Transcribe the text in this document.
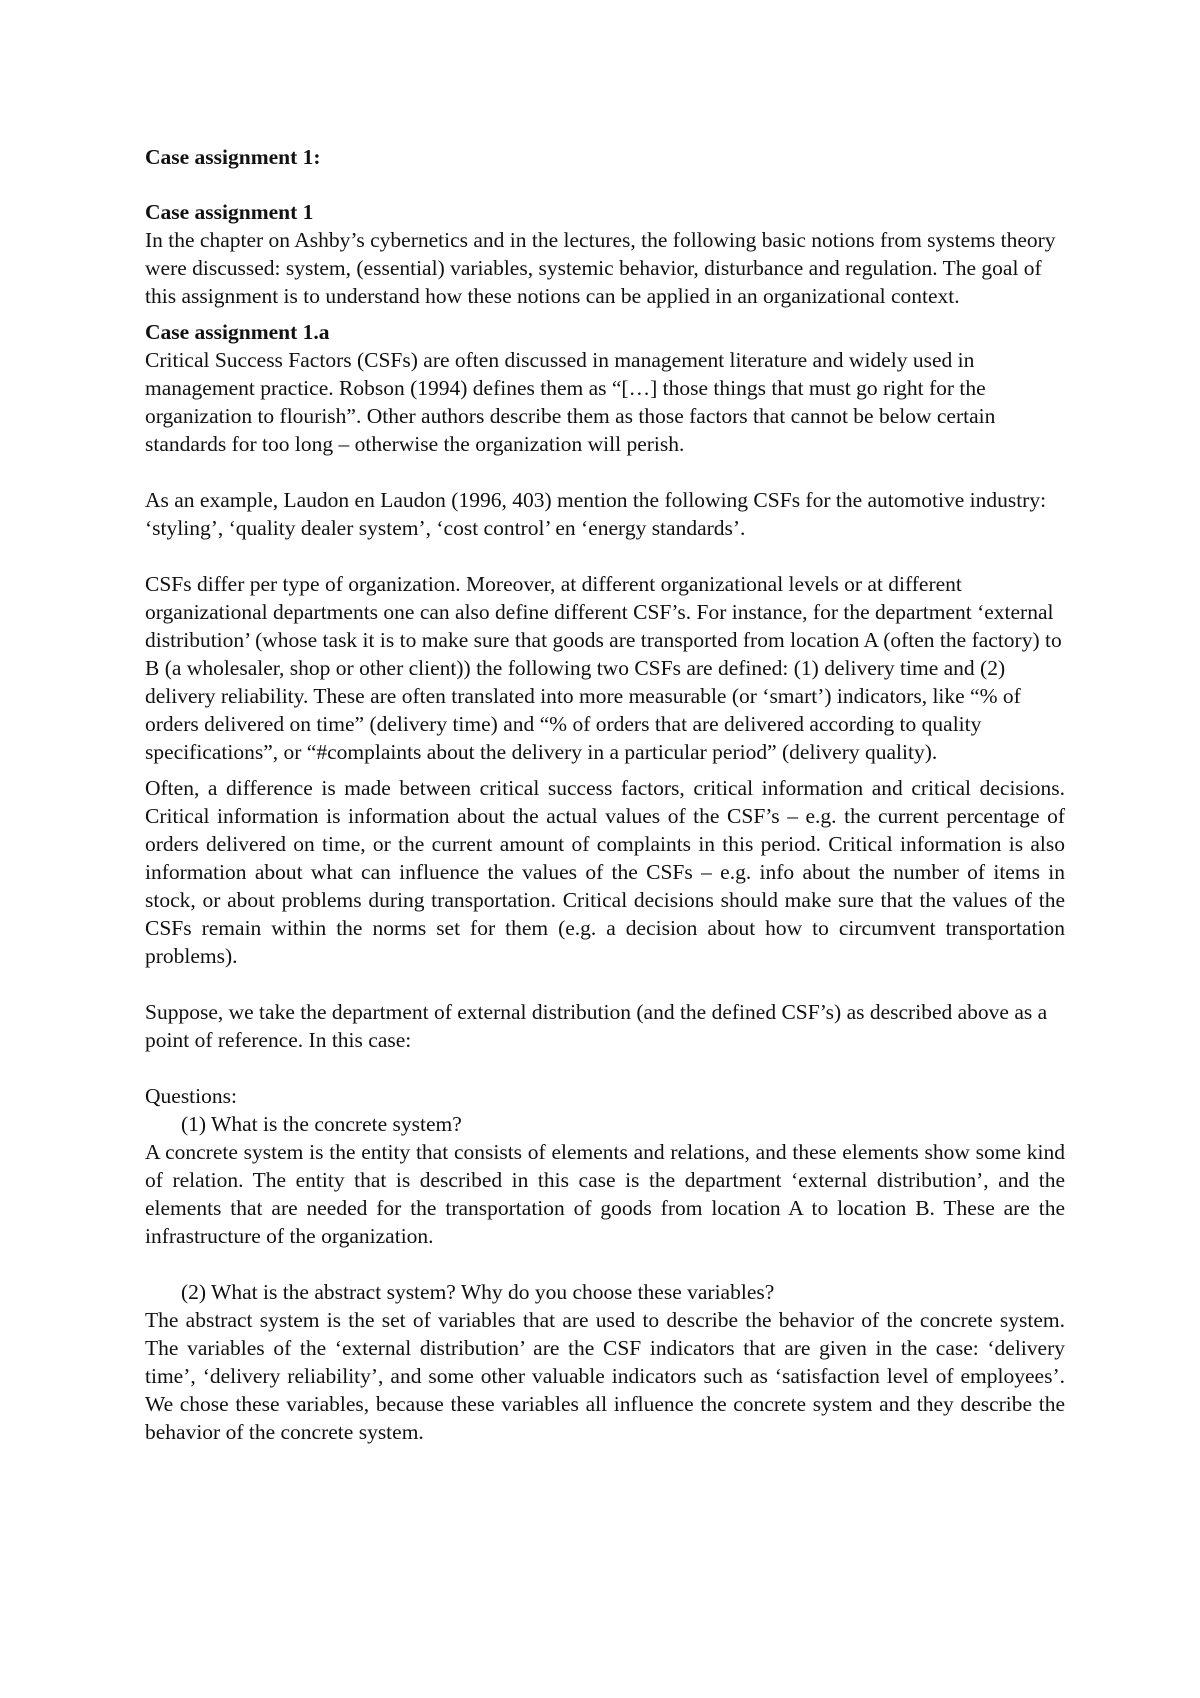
Case assignment 1:
Case assignment 1

In the chapter on Ashby’s cybernetics and in the lectures, the following basic notions from systems theory were discussed: system, (essential) variables, systemic behavior, disturbance and regulation. The goal of this assignment is to understand how these notions can be applied in an organizational context.

Case assignment 1.a

Critical Success Factors (CSFs) are often discussed in management literature and widely used in management practice. Robson (1994) defines them as “[…] those things that must go right for the organization to flourish”. Other authors describe them as those factors that cannot be below certain standards for too long – otherwise the organization will perish.

As an example, Laudon en Laudon (1996, 403) mention the following CSFs for the automotive industry: ‘styling’, ‘quality dealer system’, ‘cost control’ en ‘energy standards’.

CSFs differ per type of organization. Moreover, at different organizational levels or at different organizational departments one can also define different CSF’s. For instance, for the department ‘external distribution’ (whose task it is to make sure that goods are transported from location A (often the factory) to B (a wholesaler, shop or other client)) the following two CSFs are defined: (1) delivery time and (2) delivery reliability. These are often translated into more measurable (or ‘smart’) indicators, like “% of orders delivered on time” (delivery time) and “% of orders that are delivered according to quality specifications”, or “#complaints about the delivery in a particular period” (delivery quality).

Often, a difference is made between critical success factors, critical information and critical decisions. Critical information is information about the actual values of the CSF’s – e.g. the current percentage of orders delivered on time, or the current amount of complaints in this period. Critical information is also information about what can influence the values of the CSFs – e.g. info about the number of items in stock, or about problems during transportation. Critical decisions should make sure that the values of the CSFs remain within the norms set for them (e.g. a decision about how to circumvent transportation problems).

Suppose, we take the department of external distribution (and the defined CSF’s) as described above as a point of reference. In this case:

Questions:

(1) What is the concrete system?

A concrete system is the entity that consists of elements and relations, and these elements show some kind of relation. The entity that is described in this case is the department ‘external distribution’, and the elements that are needed for the transportation of goods from location A to location B. These are the infrastructure of the organization.

(2) What is the abstract system? Why do you choose these variables?

The abstract system is the set of variables that are used to describe the behavior of the concrete system. The variables of the ‘external distribution’ are the CSF indicators that are given in the case: ‘delivery time’, ‘delivery reliability’, and some other valuable indicators such as ‘satisfaction level of employees’. We chose these variables, because these variables all influence the concrete system and they describe the behavior of the concrete system.
